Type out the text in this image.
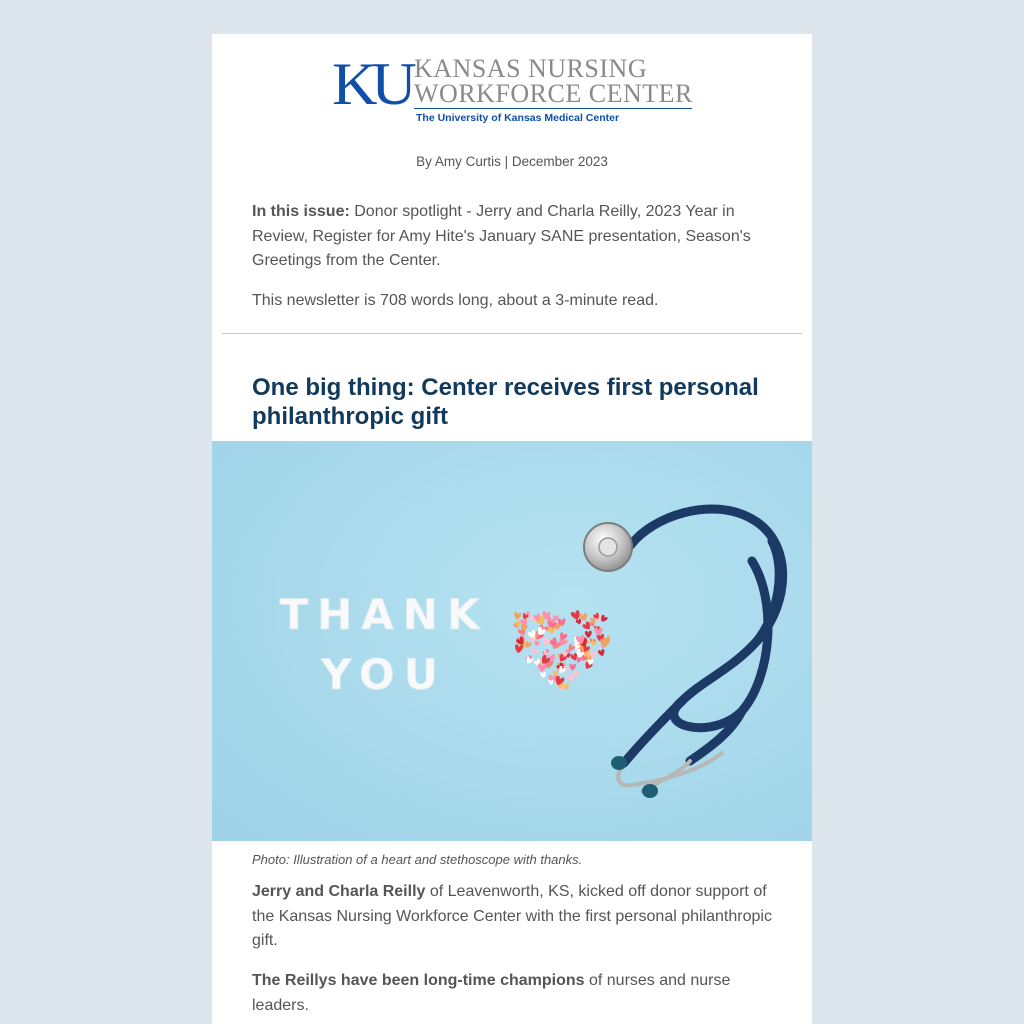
KU KANSAS NURSING
WORKFORCE CENTER
The University of Kansas Medical Center
By Amy Curtis | December 2023

In this issue: Donor spotlight - Jerry and Charla Reilly, 2023 Year in Review, Register for Amy Hite's January SANE presentation, Season's Greetings from the Center.

This newsletter is 708 words long, about a 3-minute read.

One big thing: Center receives first personal philanthropic gift
THANK
YOU
Photo: Illustration of a heart and stethoscope with thanks.

Jerry and Charla Reilly of Leavenworth, KS, kicked off donor support of the Kansas Nursing Workforce Center with the first personal philanthropic gift.

The Reillys have been long-time champions of nurses and nurse leaders.
